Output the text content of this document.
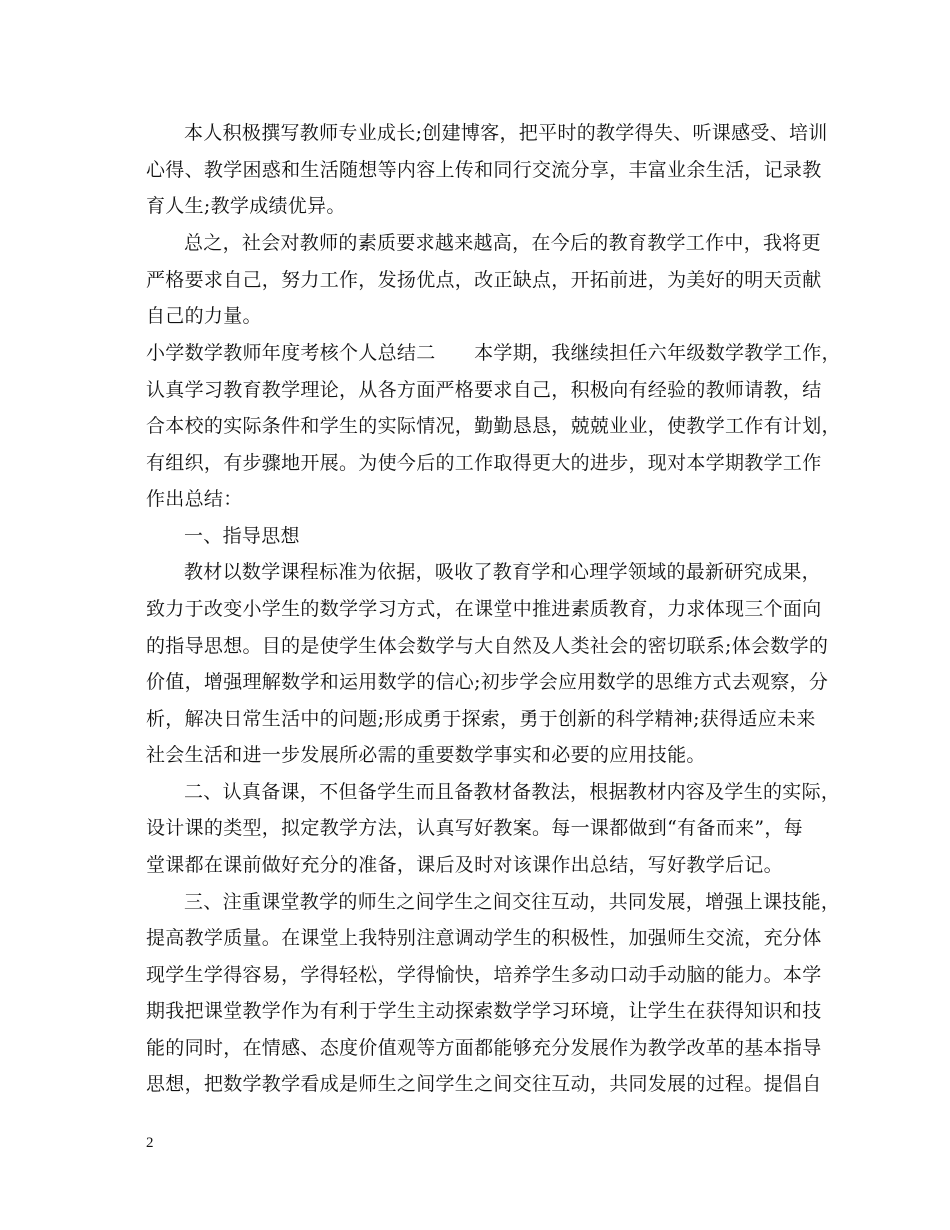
本人积极撰写教师专业成长;创建博客，把平时的教学得失、听课感受、培训
心得、教学困惑和生活随想等内容上传和同行交流分享，丰富业余生活，记录教
育人生;教学成绩优异。
总之，社会对教师的素质要求越来越高，在今后的教育教学工作中，我将更
严格要求自己，努力工作，发扬优点，改正缺点，开拓前进，为美好的明天贡献
自己的力量。
小学数学教师年度考核个人总结二　　本学期，我继续担任六年级数学教学工作，
认真学习教育教学理论，从各方面严格要求自己，积极向有经验的教师请教，结
合本校的实际条件和学生的实际情况，勤勤恳恳，兢兢业业，使教学工作有计划，
有组织，有步骤地开展。为使今后的工作取得更大的进步，现对本学期教学工作
作出总结：
一、指导思想
教材以数学课程标准为依据，吸收了教育学和心理学领域的最新研究成果，
致力于改变小学生的数学学习方式，在课堂中推进素质教育，力求体现三个面向
的指导思想。目的是使学生体会数学与大自然及人类社会的密切联系;体会数学的
价值，增强理解数学和运用数学的信心;初步学会应用数学的思维方式去观察，分
析，解决日常生活中的问题;形成勇于探索，勇于创新的科学精神;获得适应未来
社会生活和进一步发展所必需的重要数学事实和必要的应用技能。
二、认真备课，不但备学生而且备教材备教法，根据教材内容及学生的实际，
设计课的类型，拟定教学方法，认真写好教案。每一课都做到“有备而来”，每
堂课都在课前做好充分的准备，课后及时对该课作出总结，写好教学后记。
三、注重课堂教学的师生之间学生之间交往互动，共同发展，增强上课技能，
提高教学质量。在课堂上我特别注意调动学生的积极性，加强师生交流，充分体
现学生学得容易，学得轻松，学得愉快，培养学生多动口动手动脑的能力。本学
期我把课堂教学作为有利于学生主动探索数学学习环境，让学生在获得知识和技
能的同时，在情感、态度价值观等方面都能够充分发展作为教学改革的基本指导
思想，把数学教学看成是师生之间学生之间交往互动，共同发展的过程。提倡自
2
